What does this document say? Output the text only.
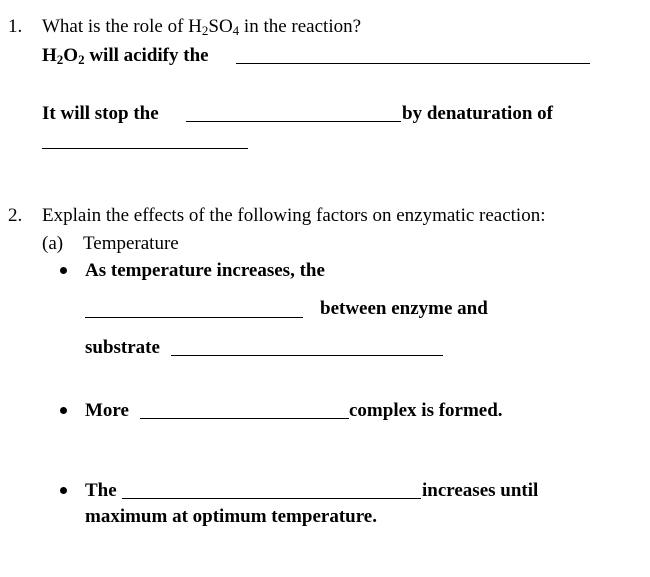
1. What is the role of $H_2SO_4$ in the reaction?
$H_2O_2$ will acidify the
It will stop the	by denaturation of
2. Explain the effects of the following factors on enzymatic reaction:
(a) Temperature
As temperature increases, the
between enzyme and
substrate
More	complex is formed.
The	increases until
maximum at optimum temperature.
